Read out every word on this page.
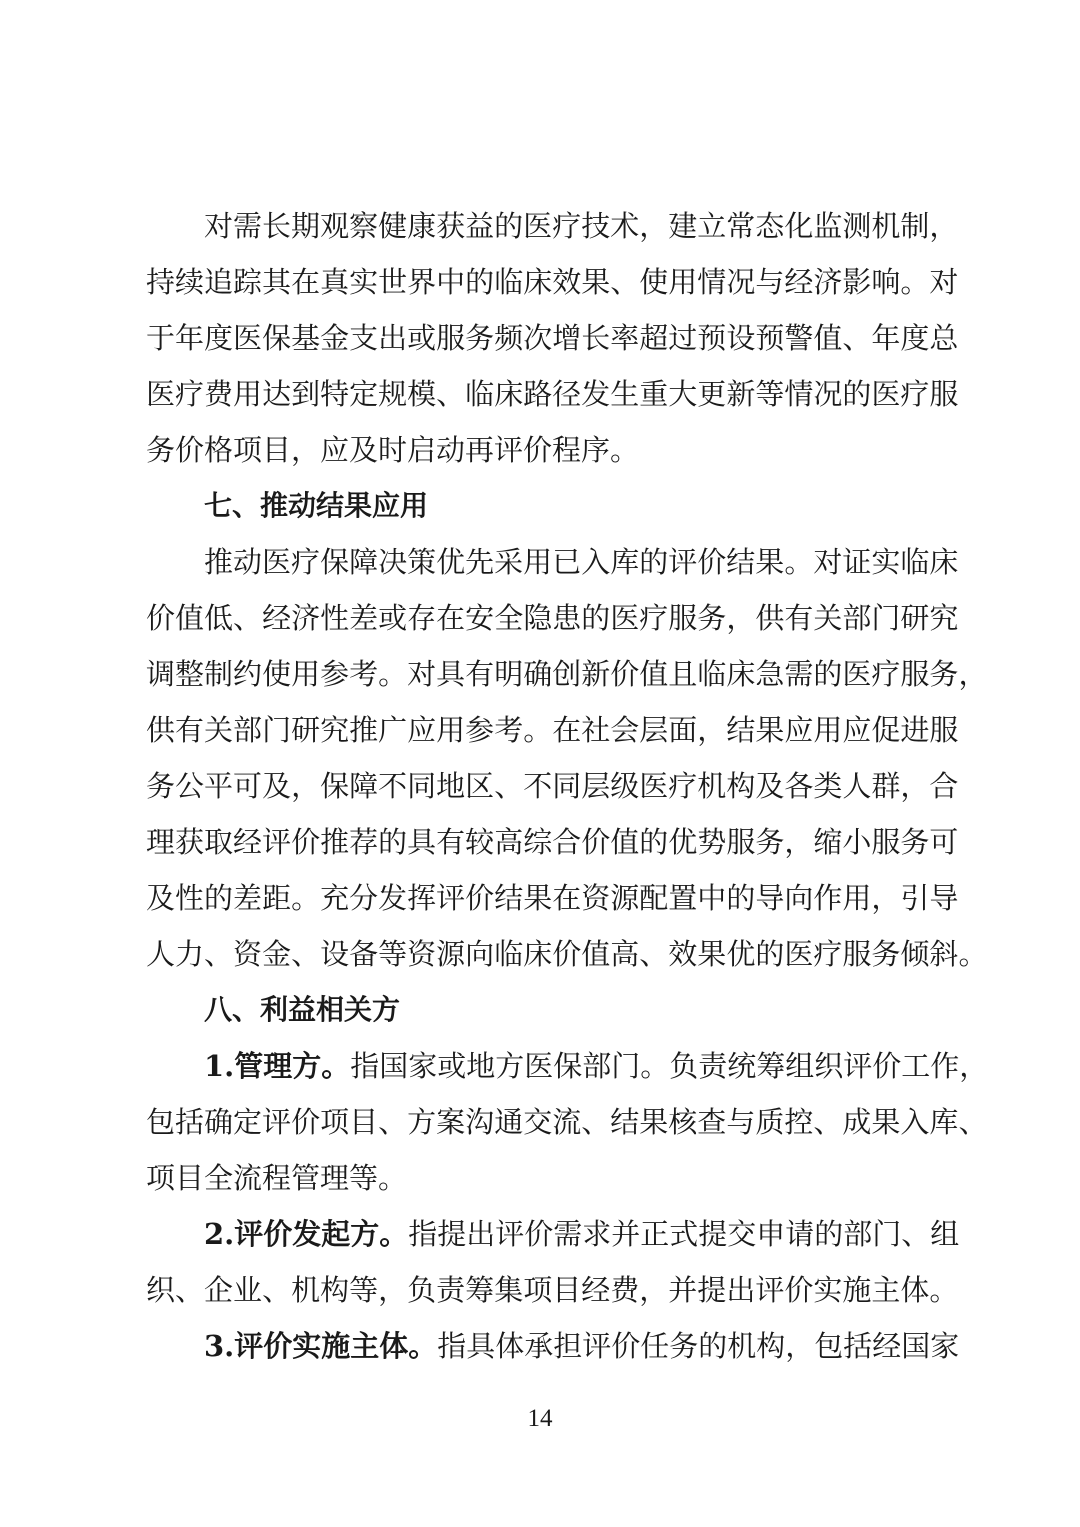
对 需 长 期 观 察 健 康 获 益 的 医 疗 技 术 ， 建 立 常 态 化 监 测 机 制 ，
持 续 追 踪 其 在 真 实 世 界 中 的 临 床 效 果 、 使 用 情 况 与 经 济 影 响 。 对
于 年 度 医 保 基 金 支 出 或 服 务 频 次 增 长 率 超 过 预 设 预 警 值 、 年 度 总
医 疗 费 用 达 到 特 定 规 模 、 临 床 路 径 发 生 重 大 更 新 等 情 况 的 医 疗 服
务价格项目，应及时启动再评价程序。
七、推动结果应用
推 动 医 疗 保 障 决 策 优 先 采 用 已 入 库 的 评 价 结 果 。 对 证 实 临 床
价 值 低 、 经 济 性 差 或 存 在 安 全 隐 患 的 医 疗 服 务 ， 供 有 关 部 门 研 究
调 整 制 约 使 用 参 考 。 对 具 有 明 确 创 新 价 值 且 临 床 急 需 的 医 疗 服 务 ，
供 有 关 部 门 研 究 推 广 应 用 参 考 。 在 社 会 层 面 ， 结 果 应 用 应 促 进 服
务 公 平 可 及 ， 保 障 不 同 地 区 、 不 同 层 级 医 疗 机 构 及 各 类 人 群 ， 合
理 获 取 经 评 价 推 荐 的 具 有 较 高 综 合 价 值 的 优 势 服 务 ， 缩 小 服 务 可
及 性 的 差 距 。 充 分 发 挥 评 价 结 果 在 资 源 配 置 中 的 导 向 作 用 ， 引 导
人 力 、 资 金 、 设 备 等 资 源 向 临 床 价 值 高 、 效 果 优 的 医 疗 服 务 倾 斜 。
八、利益相关方
1.管理方。指国家或地方医保部门。负责统筹组织评价工作，
包 括 确 定 评 价 项 目 、 方 案 沟 通 交 流 、 结 果 核 查 与 质 控 、 成 果 入 库 、
项目全流程管理等。
2.评价发起方。指提出评价需求并正式提交申请的部门、组
织 、 企 业 、 机 构 等 ， 负 责 筹 集 项 目 经 费 ， 并 提 出 评 价 实 施 主 体 。
3.评价实施主体。指具体承担评价任务的机构，包括经国家
14
